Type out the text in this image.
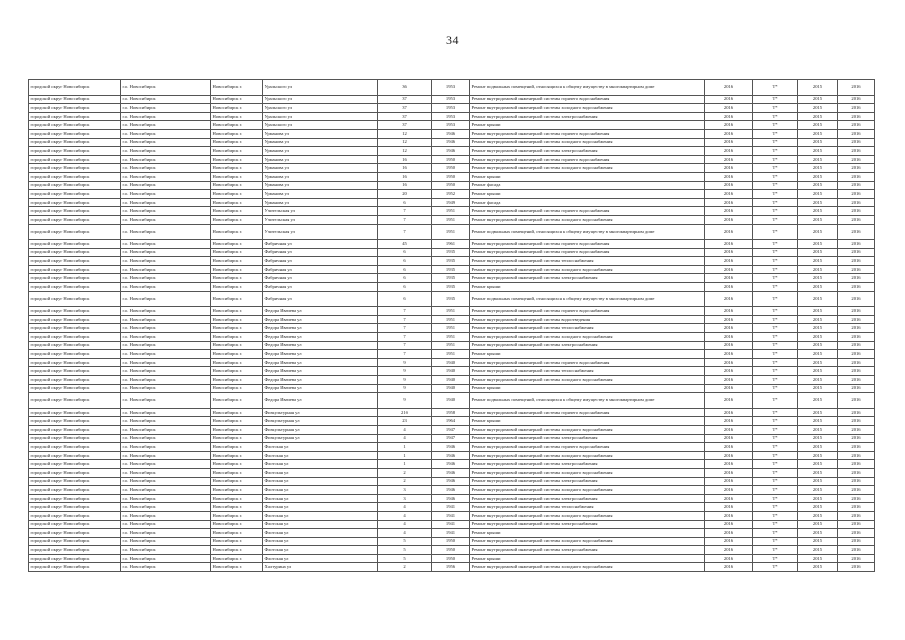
34
городской округ Новосибирск	г.о. Новосибирск	Новосибирск г.	Уральского ул	36	1953	Ремонт подвальных помещений, относящихся к общему имуществу в многоквартирном доме	2016	Т*	2015	2016
городской округ Новосибирск	г.о. Новосибирск	Новосибирск г.	Уральского ул	37	1953	Ремонт внутридомовой инженерной системы горячего водоснабжения	2016	Т*	2015	2016
городской округ Новосибирск	г.о. Новосибирск	Новосибирск г.	Уральского ул	37	1953	Ремонт внутридомовой инженерной системы холодного водоснабжения	2016	Т*	2015	2016
городской округ Новосибирск	г.о. Новосибирск	Новосибирск г.	Уральского ул	37	1953	Ремонт внутридомовой инженерной системы электроснабжения	2016	Т*	2015	2016
городской округ Новосибирск	г.о. Новосибирск	Новосибирск г.	Уральского ул	37	1953	Ремонт крыши	2016	Т*	2015	2016
городской округ Новосибирск	г.о. Новосибирск	Новосибирск г.	Урманова ул	12	1946	Ремонт внутридомовой инженерной системы горячего водоснабжения	2016	Т*	2015	2016
городской округ Новосибирск	г.о. Новосибирск	Новосибирск г.	Урманова ул	12	1946	Ремонт внутридомовой инженерной системы холодного водоснабжения	2016	Т*	2015	2016
городской округ Новосибирск	г.о. Новосибирск	Новосибирск г.	Урманова ул	12	1946	Ремонт внутридомовой инженерной системы электроснабжения	2016	Т*	2015	2016
городской округ Новосибирск	г.о. Новосибирск	Новосибирск г.	Урманова ул	16	1950	Ремонт внутридомовой инженерной системы горячего водоснабжения	2016	Т*	2015	2016
городской округ Новосибирск	г.о. Новосибирск	Новосибирск г.	Урманова ул	16	1950	Ремонт внутридомовой инженерной системы холодного водоснабжения	2016	Т*	2015	2016
городской округ Новосибирск	г.о. Новосибирск	Новосибирск г.	Урманова ул	16	1950	Ремонт крыши	2016	Т*	2015	2016
городской округ Новосибирск	г.о. Новосибирск	Новосибирск г.	Урманова ул	16	1950	Ремонт фасада	2016	Т*	2015	2016
городской округ Новосибирск	г.о. Новосибирск	Новосибирск г.	Урманова ул	20	1952	Ремонт крыши	2016	Т*	2015	2016
городской округ Новосибирск	г.о. Новосибирск	Новосибирск г.	Урманова ул	6	1949	Ремонт фасада	2016	Т*	2015	2016
городской округ Новосибирск	г.о. Новосибирск	Новосибирск г.	Учительская ул	7	1951	Ремонт внутридомовой инженерной системы горячего водоснабжения	2016	Т*	2015	2016
городской округ Новосибирск	г.о. Новосибирск	Новосибирск г.	Учительская ул	7	1951	Ремонт внутридомовой инженерной системы холодного водоснабжения	2016	Т*	2015	2016
городской округ Новосибирск	г.о. Новосибирск	Новосибирск г.	Учительская ул	7	1951	Ремонт подвальных помещений, относящихся к общему имуществу в многоквартирном доме	2016	Т*	2015	2016
городской округ Новосибирск	г.о. Новосибирск	Новосибирск г.	Фабричная ул	45	1961	Ремонт внутридомовой инженерной системы горячего водоснабжения	2016	Т*	2015	2016
городской округ Новосибирск	г.о. Новосибирск	Новосибирск г.	Фабричная ул	6	1935	Ремонт внутридомовой инженерной системы горячего водоснабжения	2016	Т*	2015	2016
городской округ Новосибирск	г.о. Новосибирск	Новосибирск г.	Фабричная ул	6	1935	Ремонт внутридомовой инженерной системы теплоснабжения	2016	Т*	2015	2016
городской округ Новосибирск	г.о. Новосибирск	Новосибирск г.	Фабричная ул	6	1935	Ремонт внутридомовой инженерной системы холодного водоснабжения	2016	Т*	2015	2016
городской округ Новосибирск	г.о. Новосибирск	Новосибирск г.	Фабричная ул	6	1935	Ремонт внутридомовой инженерной системы электроснабжения	2016	Т*	2015	2016
городской округ Новосибирск	г.о. Новосибирск	Новосибирск г.	Фабричная ул	6	1935	Ремонт крыши	2016	Т*	2015	2016
городской округ Новосибирск	г.о. Новосибирск	Новосибирск г.	Фабричная ул	6	1935	Ремонт подвальных помещений, относящихся к общему имуществу в многоквартирном доме	2016	Т*	2015	2016
городской округ Новосибирск	г.о. Новосибирск	Новосибирск г.	Федора Ивачева ул	7	1951	Ремонт внутридомовой инженерной системы горячего водоснабжения	2016	Т*	2015	2016
городской округ Новосибирск	г.о. Новосибирск	Новосибирск г.	Федора Ивачева ул	7	1951	Ремонт внутридомовой инженерной системы водоотведения	2016	Т*	2015	2016
городской округ Новосибирск	г.о. Новосибирск	Новосибирск г.	Федора Ивачева ул	7	1951	Ремонт внутридомовой инженерной системы теплоснабжения	2016	Т*	2015	2016
городской округ Новосибирск	г.о. Новосибирск	Новосибирск г.	Федора Ивачева ул	7	1951	Ремонт внутридомовой инженерной системы холодного водоснабжения	2016	Т*	2015	2016
городской округ Новосибирск	г.о. Новосибирск	Новосибирск г.	Федора Ивачева ул	7	1951	Ремонт внутридомовой инженерной системы электроснабжения	2016	Т*	2015	2016
городской округ Новосибирск	г.о. Новосибирск	Новосибирск г.	Федора Ивачева ул	7	1951	Ремонт крыши	2016	Т*	2015	2016
городской округ Новосибирск	г.о. Новосибирск	Новосибирск г.	Федора Ивачева ул	9	1940	Ремонт внутридомовой инженерной системы горячего водоснабжения	2016	Т*	2015	2016
городской округ Новосибирск	г.о. Новосибирск	Новосибирск г.	Федора Ивачева ул	9	1940	Ремонт внутридомовой инженерной системы теплоснабжения	2016	Т*	2015	2016
городской округ Новосибирск	г.о. Новосибирск	Новосибирск г.	Федора Ивачева ул	9	1940	Ремонт внутридомовой инженерной системы холодного водоснабжения	2016	Т*	2015	2016
городской округ Новосибирск	г.о. Новосибирск	Новосибирск г.	Федора Ивачева ул	9	1940	Ремонт крыши	2016	Т*	2015	2016
городской округ Новосибирск	г.о. Новосибирск	Новосибирск г.	Федора Ивачева ул	9	1940	Ремонт подвальных помещений, относящихся к общему имуществу в многоквартирном доме	2016	Т*	2015	2016
городской округ Новосибирск	г.о. Новосибирск	Новосибирск г.	Физкультурная ул	21б	1958	Ремонт внутридомовой инженерной системы горячего водоснабжения	2016	Т*	2015	2016
городской округ Новосибирск	г.о. Новосибирск	Новосибирск г.	Физкультурная ул	23	1964	Ремонт крыши	2016	Т*	2015	2016
городской округ Новосибирск	г.о. Новосибирск	Новосибирск г.	Физкультурная ул	4	1947	Ремонт внутридомовой инженерной системы холодного водоснабжения	2016	Т*	2015	2016
городской округ Новосибирск	г.о. Новосибирск	Новосибирск г.	Физкультурная ул	4	1947	Ремонт внутридомовой инженерной системы электроснабжения	2016	Т*	2015	2016
городской округ Новосибирск	г.о. Новосибирск	Новосибирск г.	Флотская ул	1	1946	Ремонт внутридомовой инженерной системы горячего водоснабжения	2016	Т*	2015	2016
городской округ Новосибирск	г.о. Новосибирск	Новосибирск г.	Флотская ул	1	1946	Ремонт внутридомовой инженерной системы холодного водоснабжения	2016	Т*	2015	2016
городской округ Новосибирск	г.о. Новосибирск	Новосибирск г.	Флотская ул	1	1946	Ремонт внутридомовой инженерной системы электроснабжения	2016	Т*	2015	2016
городской округ Новосибирск	г.о. Новосибирск	Новосибирск г.	Флотская ул	2	1946	Ремонт внутридомовой инженерной системы холодного водоснабжения	2016	Т*	2015	2016
городской округ Новосибирск	г.о. Новосибирск	Новосибирск г.	Флотская ул	2	1946	Ремонт внутридомовой инженерной системы электроснабжения	2016	Т*	2015	2016
городской округ Новосибирск	г.о. Новосибирск	Новосибирск г.	Флотская ул	3	1946	Ремонт внутридомовой инженерной системы холодного водоснабжения	2016	Т*	2015	2016
городской округ Новосибирск	г.о. Новосибирск	Новосибирск г.	Флотская ул	3	1946	Ремонт внутридомовой инженерной системы электроснабжения	2016	Т*	2015	2016
городской округ Новосибирск	г.о. Новосибирск	Новосибирск г.	Флотская ул	4	1941	Ремонт внутридомовой инженерной системы теплоснабжения	2016	Т*	2015	2016
городской округ Новосибирск	г.о. Новосибирск	Новосибирск г.	Флотская ул	4	1941	Ремонт внутридомовой инженерной системы холодного водоснабжения	2016	Т*	2015	2016
городской округ Новосибирск	г.о. Новосибирск	Новосибирск г.	Флотская ул	4	1941	Ремонт внутридомовой инженерной системы электроснабжения	2016	Т*	2015	2016
городской округ Новосибирск	г.о. Новосибирск	Новосибирск г.	Флотская ул	4	1941	Ремонт крыши	2016	Т*	2015	2016
городской округ Новосибирск	г.о. Новосибирск	Новосибирск г.	Флотская ул	5	1950	Ремонт внутридомовой инженерной системы холодного водоснабжения	2016	Т*	2015	2016
городской округ Новосибирск	г.о. Новосибирск	Новосибирск г.	Флотская ул	5	1950	Ремонт внутридомовой инженерной системы электроснабжения	2016	Т*	2015	2016
городской округ Новосибирск	г.о. Новосибирск	Новосибирск г.	Флотская ул	5	1950	Ремонт крыши	2016	Т*	2015	2016
городской округ Новосибирск	г.о. Новосибирск	Новосибирск г.	Халтурина ул	2	1956	Ремонт внутридомовой инженерной системы холодного водоснабжения	2016	Т*	2015	2016
